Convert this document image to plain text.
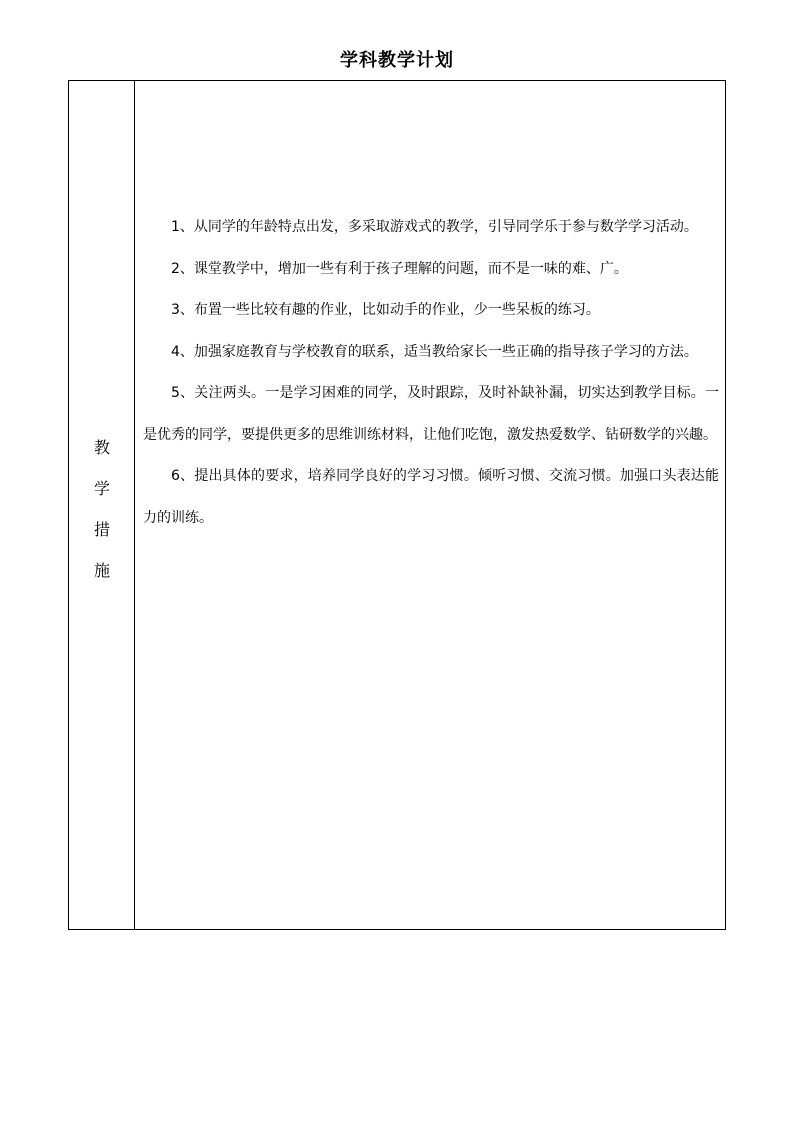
学科教学计划
教
学
措
施

1、从同学的年龄特点出发，多采取游戏式的教学，引导同学乐于参与数学学习活动。

2、课堂教学中，增加一些有利于孩子理解的问题，而不是一味的难、广。

3、布置一些比较有趣的作业，比如动手的作业，少一些呆板的练习。

4、加强家庭教育与学校教育的联系，适当教给家长一些正确的指导孩子学习的方法。

5、关注两头。一是学习困难的同学，及时跟踪，及时补缺补漏，切实达到教学目标。一是优秀的同学，要提供更多的思维训练材料，让他们吃饱，激发热爱数学、钻研数学的兴趣。

6、提出具体的要求，培养同学良好的学习习惯。倾听习惯、交流习惯。加强口头表达能力的训练。
